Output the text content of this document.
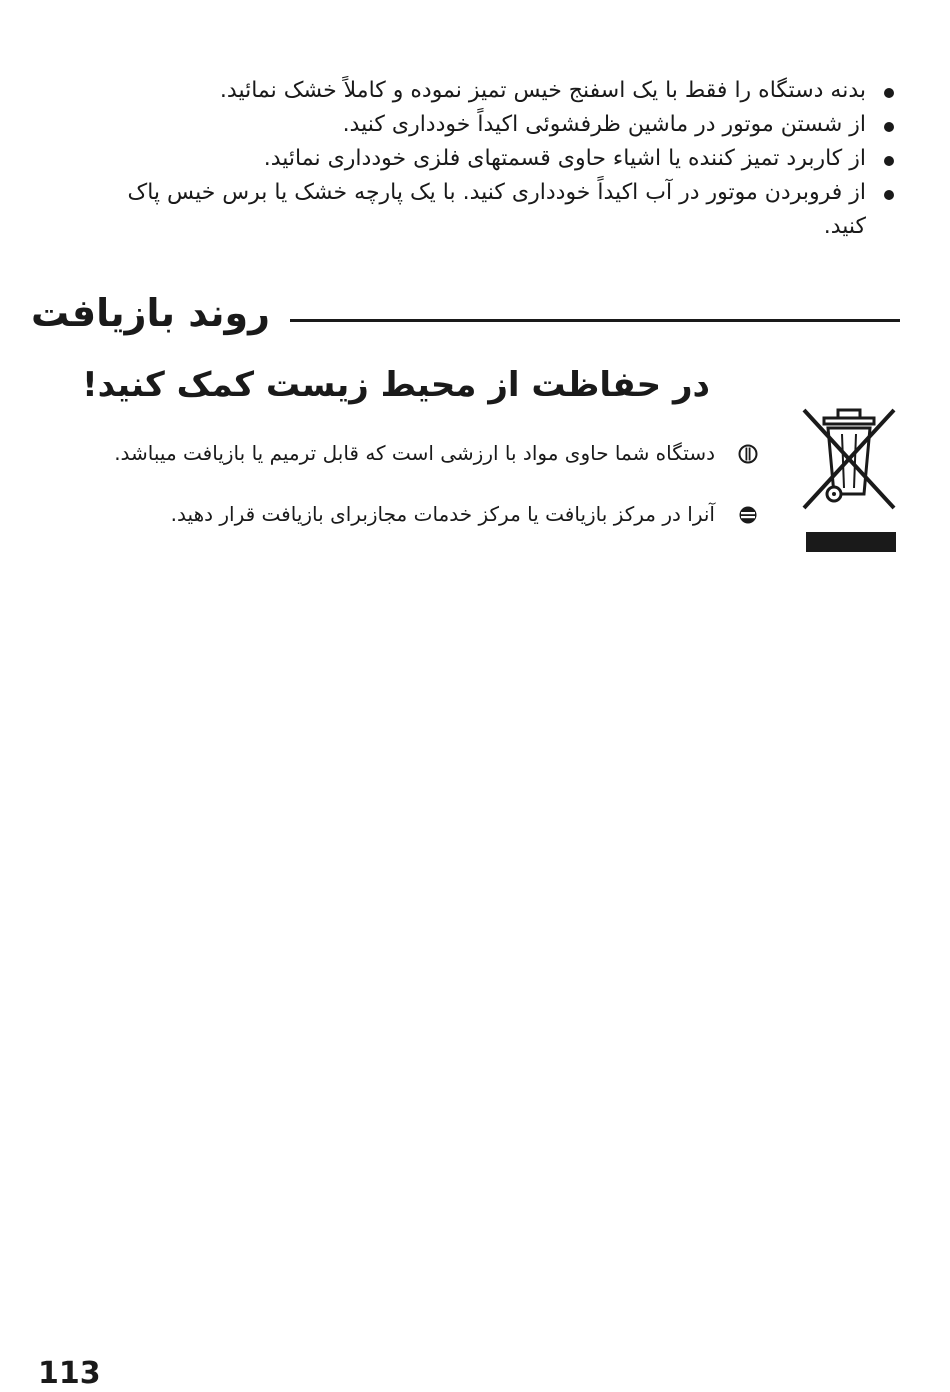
بدنه دستگاه را فقط با یک اسفنج خیس تمیز نموده و کاملاً خشک نمائید.
از شستن موتور در ماشین ظرفشوئی اکیداً خودداری کنید.
از کاربرد تمیز کننده یا اشیاء حاوی قسمتهای فلزی خودداری نمائید.
از فروبردن موتور در آب اکیداً خودداری کنید. با یک پارچه خشک یا برس خیس پاک کنید.
روند بازیافت
در حفاظت از محیط زیست کمک کنید!
دستگاه شما حاوی مواد با ارزشی است که قابل ترمیم یا بازیافت میباشد.
آنرا در مرکز بازیافت یا مرکز خدمات مجازبرای بازیافت قرار دهید.
113
